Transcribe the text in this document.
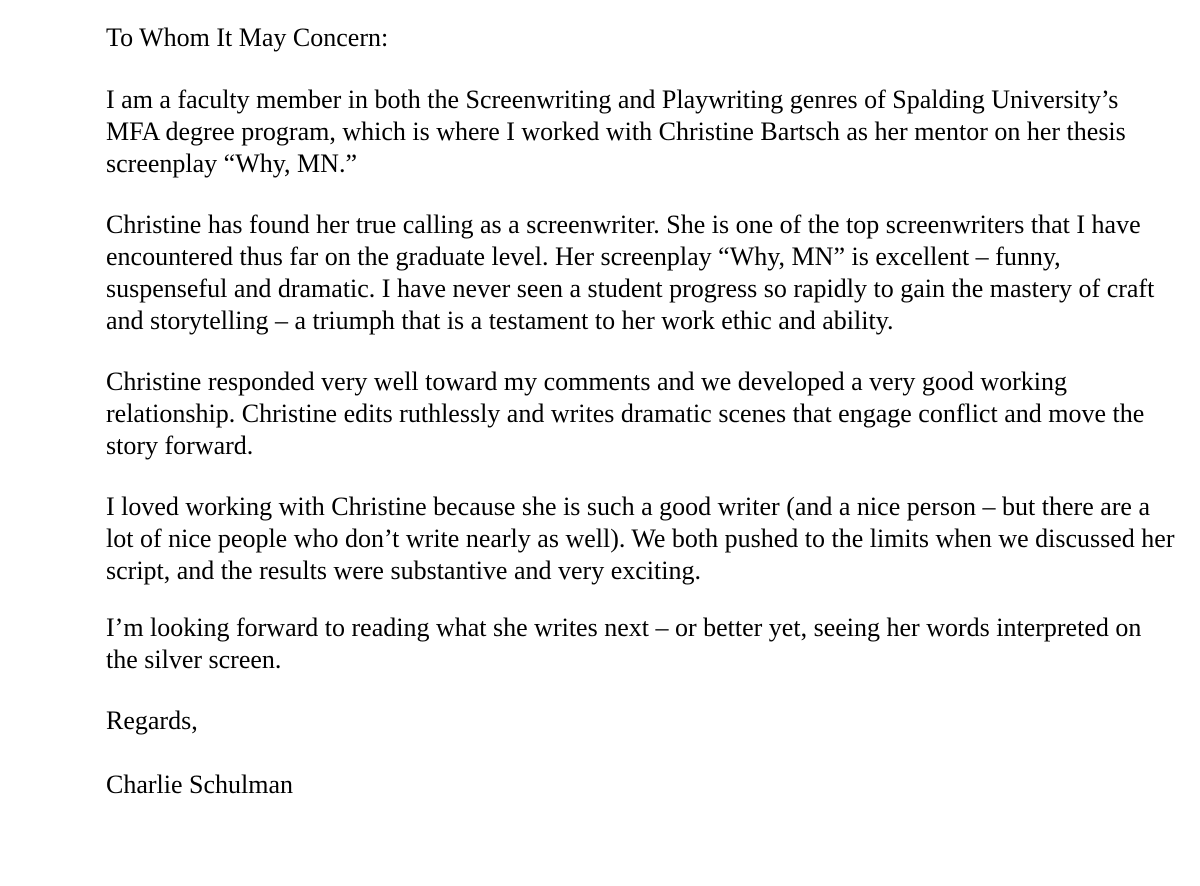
To Whom It May Concern:

I am a faculty member in both the Screenwriting and Playwriting genres of Spalding University’s MFA degree program, which is where I worked with Christine Bartsch as her mentor on her thesis screenplay “Why, MN.”

Christine has found her true calling as a screenwriter. She is one of the top screenwriters that I have encountered thus far on the graduate level. Her screenplay “Why, MN” is excellent – funny, suspenseful and dramatic. I have never seen a student progress so rapidly to gain the mastery of craft and storytelling – a triumph that is a testament to her work ethic and ability.

Christine responded very well toward my comments and we developed a very good working relationship. Christine edits ruthlessly and writes dramatic scenes that engage conflict and move the story forward.

I loved working with Christine because she is such a good writer (and a nice person – but there are a lot of nice people who don’t write nearly as well). We both pushed to the limits when we discussed her script, and the results were substantive and very exciting.

I’m looking forward to reading what she writes next – or better yet, seeing her words interpreted on the silver screen.

Regards,

Charlie Schulman
